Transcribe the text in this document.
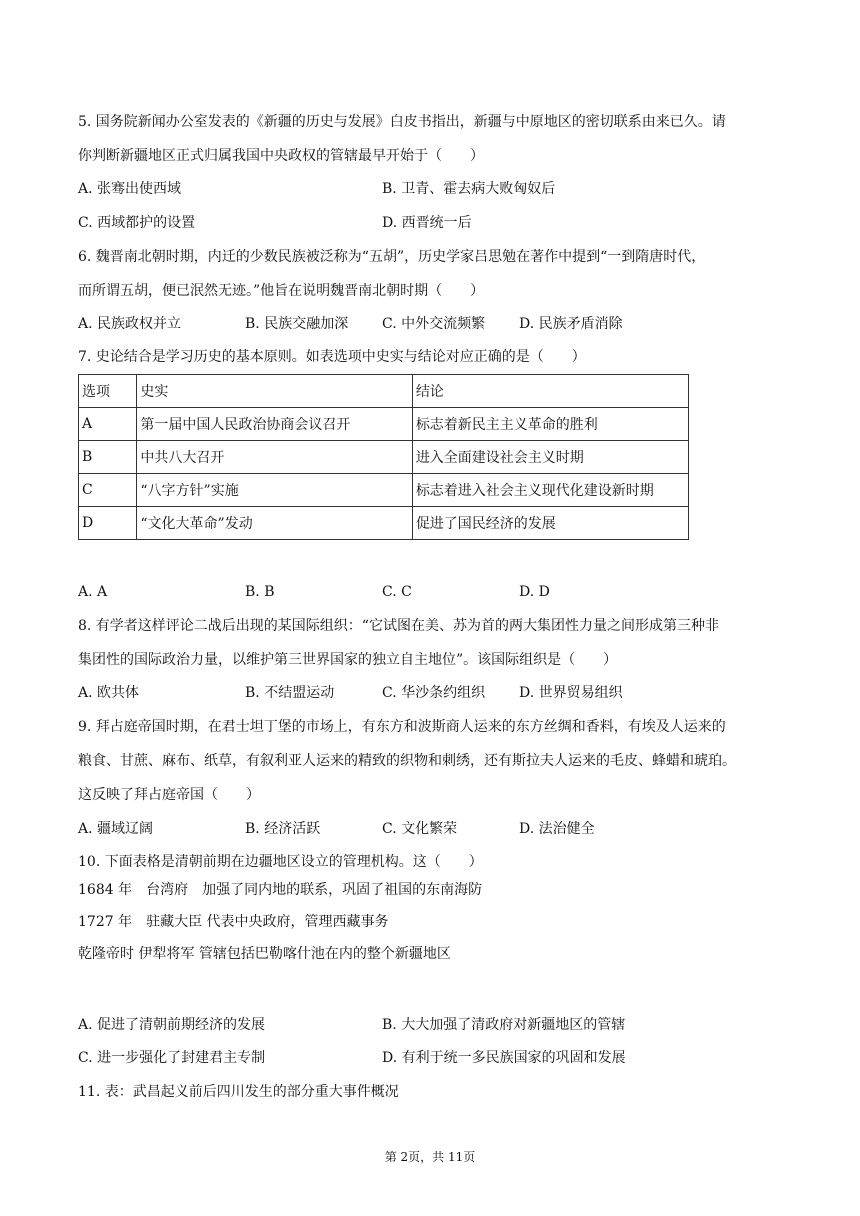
5. 国务院新闻办公室发表的《新疆的历史与发展》白皮书指出，新疆与中原地区的密切联系由来已久。请
你判断新疆地区正式归属我国中央政权的管辖最早开始于（　　）
A. 张骞出使西域	B. 卫青、霍去病大败匈奴后
C. 西域都护的设置	D. 西晋统一后
6. 魏晋南北朝时期，内迁的少数民族被泛称为“五胡”，历史学家吕思勉在著作中提到“一到隋唐时代，
而所谓五胡，便已泯然无迹。”他旨在说明魏晋南北朝时期（　　）
A. 民族政权并立	B. 民族交融加深 C. 中外交流频繁 D. 民族矛盾消除
7. 史论结合是学习历史的基本原则。如表选项中史实与结论对应正确的是（　　）
选项	史实	结论
A	第一届中国人民政治协商会议召开	标志着新民主主义革命的胜利
B	中共八大召开	进入全面建设社会主义时期
C	“八字方针”实施	标志着进入社会主义现代化建设新时期
D	“文化大革命”发动	促进了国民经济的发展
A. A	B. B	C. C	D. D
8. 有学者这样评论二战后出现的某国际组织：“它试图在美、苏为首的两大集团性力量之间形成第三种非
集团性的国际政治力量，以维护第三世界国家的独立自主地位”。该国际组织是（　　）
A. 欧共体	B. 不结盟运动	C. 华沙条约组织 D. 世界贸易组织
9. 拜占庭帝国时期，在君士坦丁堡的市场上，有东方和波斯商人运来的东方丝绸和香料，有埃及人运来的
粮食、甘蔗、麻布、纸草，有叙利亚人运来的精致的织物和刺绣，还有斯拉夫人运来的毛皮、蜂蜡和琥珀。
这反映了拜占庭帝国（　　）
A. 疆域辽阔	B. 经济活跃	C. 文化繁荣	D. 法治健全
10. 下面表格是清朝前期在边疆地区设立的管理机构。这（　　）
1684 年　台湾府　加强了同内地的联系，巩固了祖国的东南海防
1727 年　驻藏大臣 代表中央政府，管理西藏事务
乾隆帝时 伊犁将军 管辖包括巴勒喀什池在内的整个新疆地区
A. 促进了清朝前期经济的发展	B. 大大加强了清政府对新疆地区的管辖
C. 进一步强化了封建君主专制	D. 有利于统一多民族国家的巩固和发展
11. 表：武昌起义前后四川发生的部分重大事件概况
第 2页，共 11页
